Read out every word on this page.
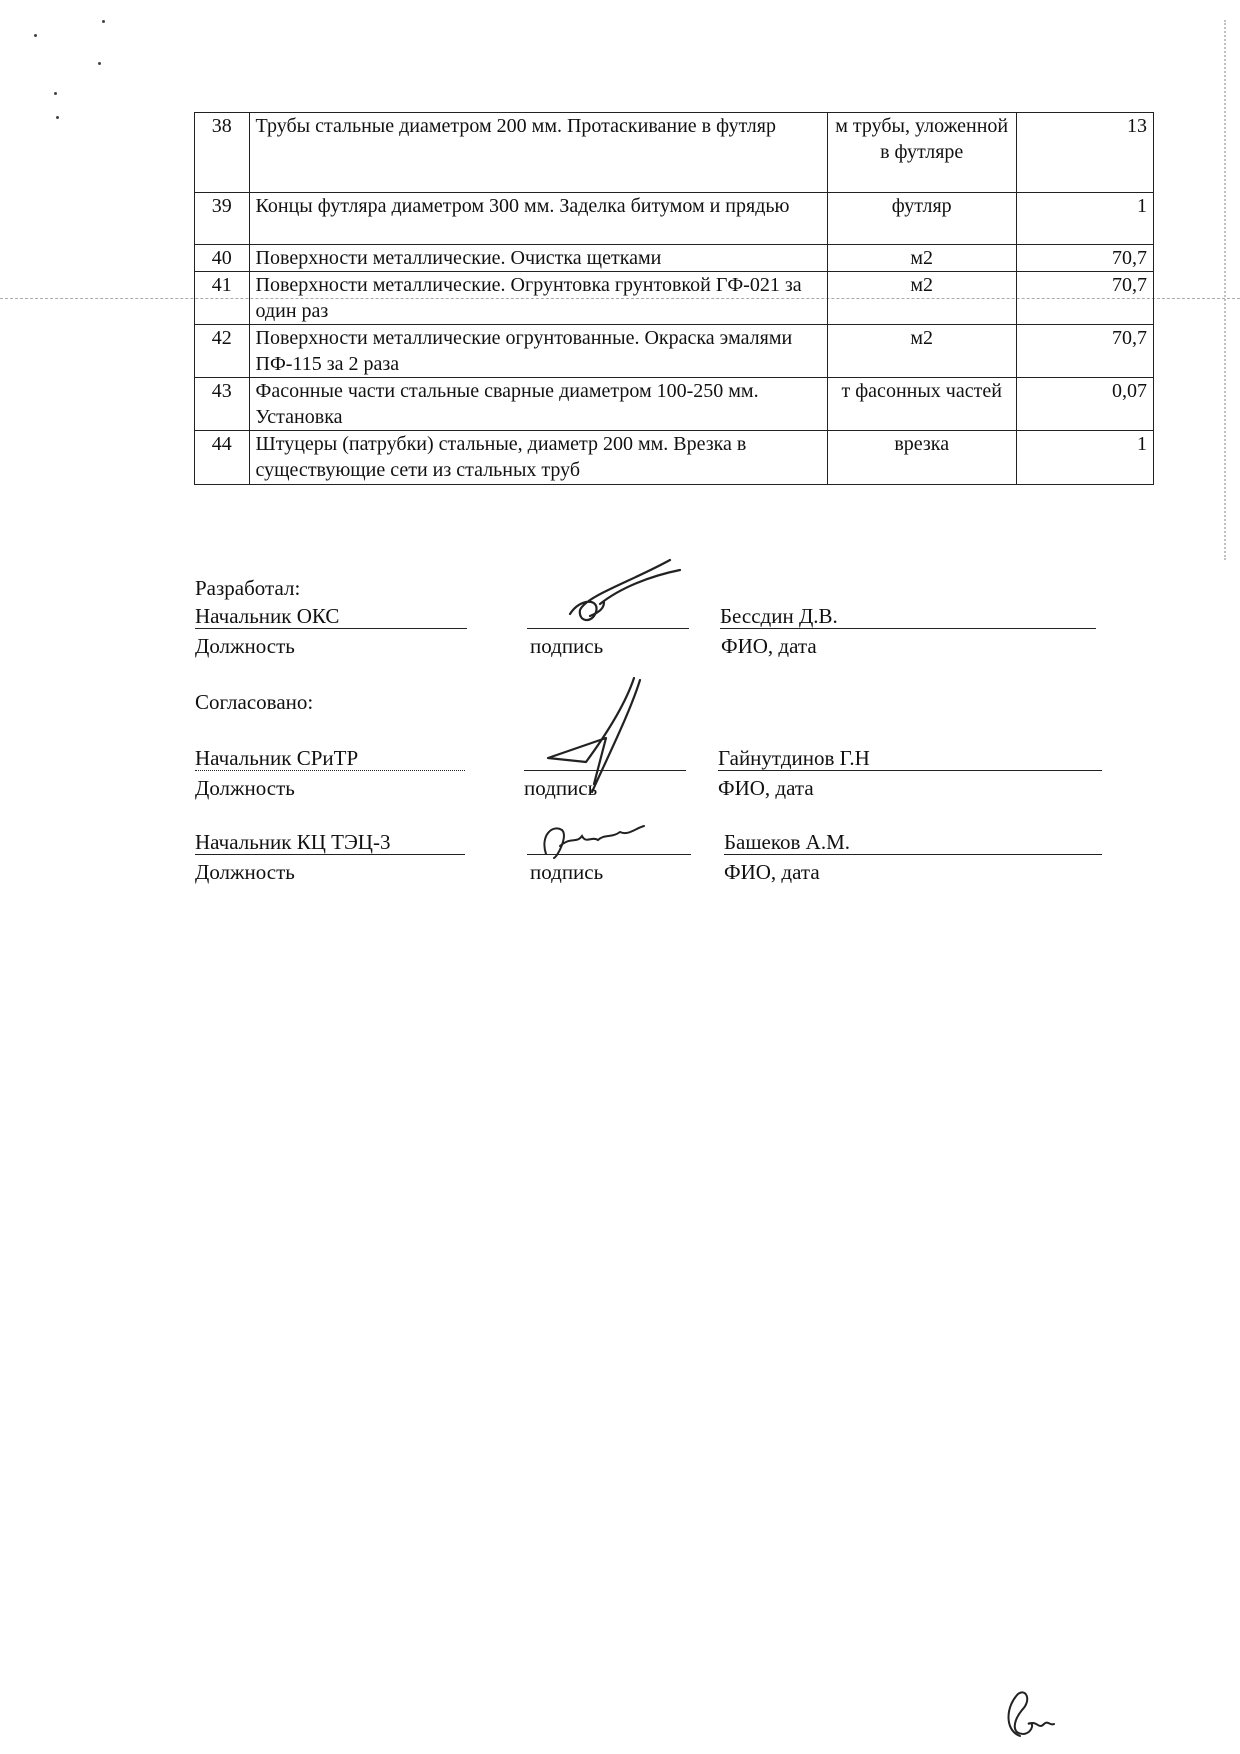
38	Трубы стальные диаметром 200 мм. Протаскивание в футляр	м трубы, уложенной в футляре	13
39	Концы футляра диаметром 300 мм. Заделка битумом и прядью	футляр	1
40	Поверхности металлические. Очистка щетками	м2	70,7
41	Поверхности металлические. Огрунтовка грунтовкой ГФ-021 за один раз	м2	70,7
42	Поверхности металлические огрунтованные. Окраска эмалями ПФ-115 за 2 раза	м2	70,7
43	Фасонные части стальные сварные диаметром 100-250 мм. Установка	т фасонных частей	0,07
44	Штуцеры (патрубки) стальные, диаметр 200 мм. Врезка в существующие сети из стальных труб	врезка	1
Разработал:
Начальник ОКС
Должность	подпись
Бессдин Д.В.
ФИО, дата
Согласовано:
Начальник СРиТР
Должность	подпись
Гайнутдинов Г.Н
ФИО, дата
Начальник КЦ ТЭЦ-3
Должность	подпись
Башеков А.М.
ФИО, дата
